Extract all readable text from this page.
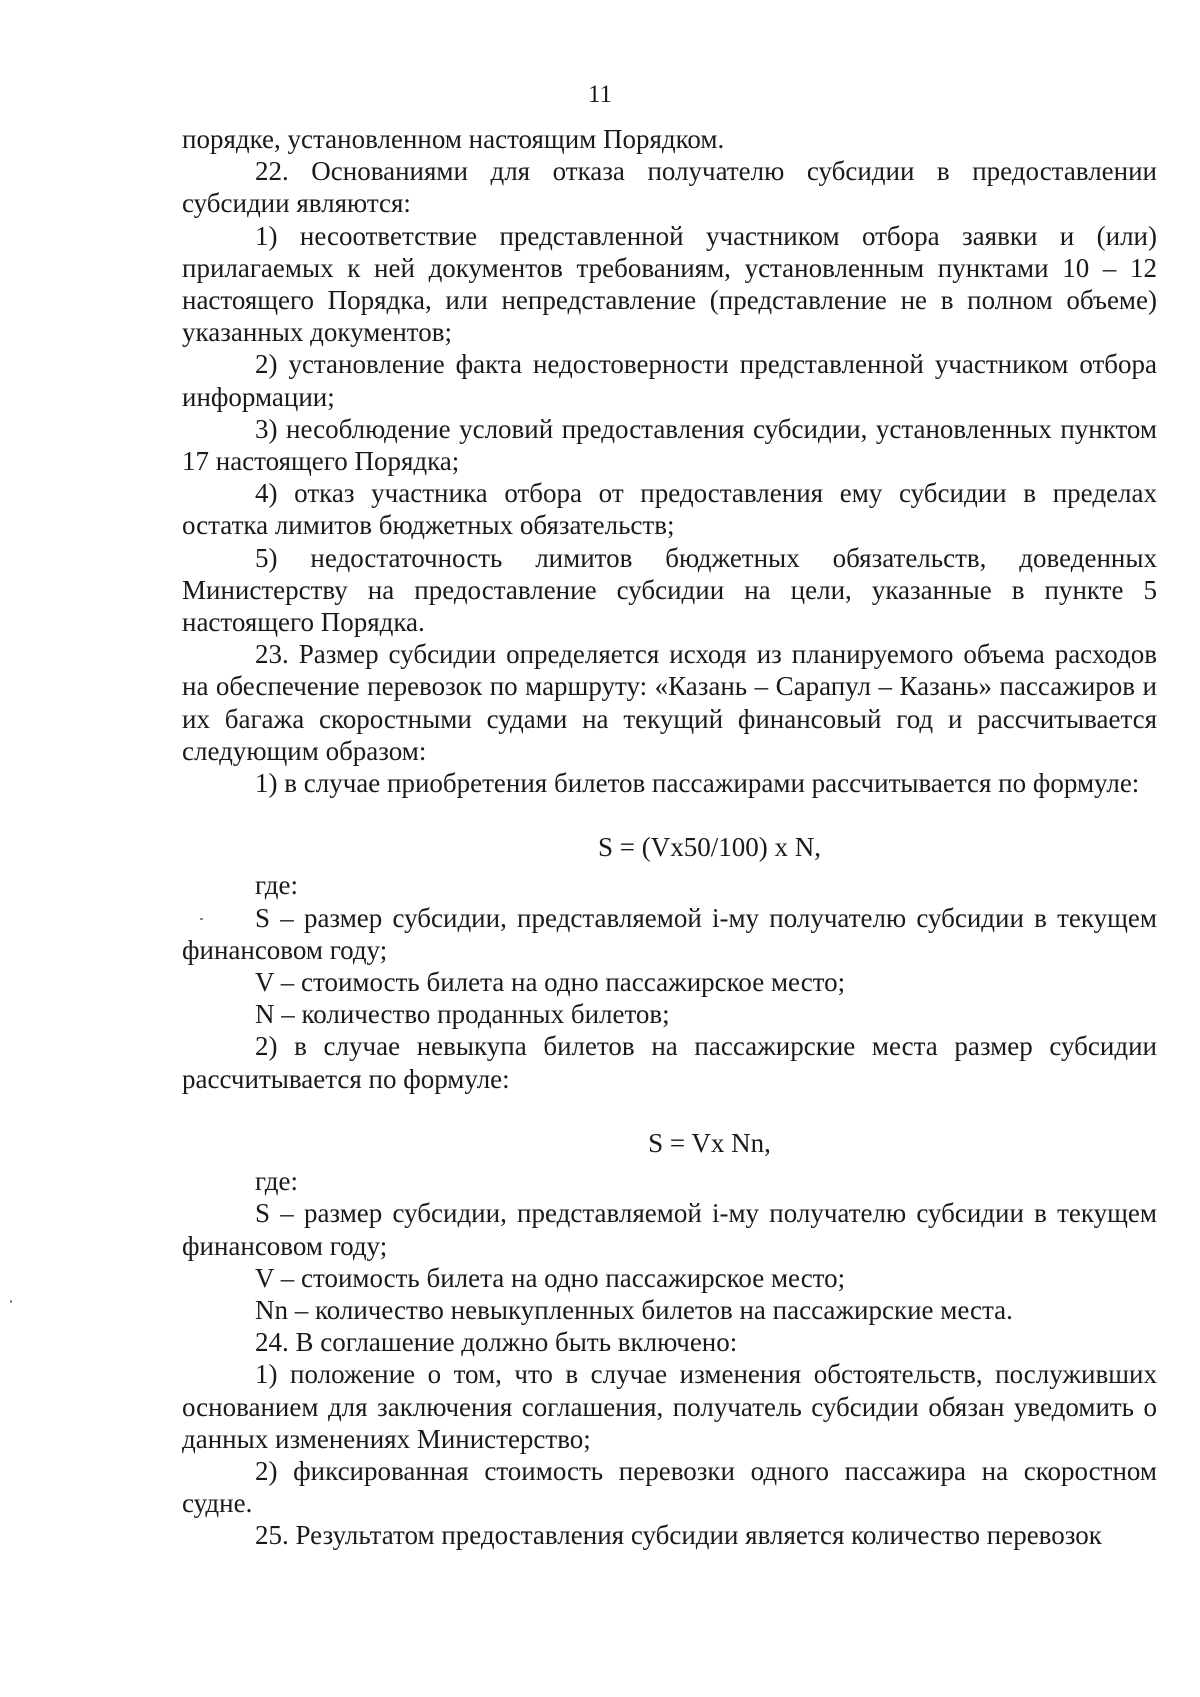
11

порядке, установленном настоящим Порядком.

22. Основаниями для отказа получателю субсидии в предоставлении субсидии являются:

1) несоответствие представленной участником отбора заявки и (или) прилагаемых к ней документов требованиям, установленным пунктами 10 – 12 настоящего Порядка, или непредставление (представление не в полном объеме) указанных документов;

2) установление факта недостоверности представленной участником отбора информации;

3) несоблюдение условий предоставления субсидии, установленных пунктом 17 настоящего Порядка;

4) отказ участника отбора от предоставления ему субсидии в пределах остатка лимитов бюджетных обязательств;

5) недостаточность лимитов бюджетных обязательств, доведенных Министерству на предоставление субсидии на цели, указанные в пункте 5 настоящего Порядка.

23. Размер субсидии определяется исходя из планируемого объема расходов на обеспечение перевозок по маршруту: «Казань – Сарапул – Казань» пассажиров и их багажа скоростными судами на текущий финансовый год и рассчитывается следующим образом:

1) в случае приобретения билетов пассажирами рассчитывается по формуле:

S = (Vx50/100) x N,

где:

S – размер субсидии, представляемой i-му получателю субсидии в текущем финансовом году;

V – стоимость билета на одно пассажирское место;

N – количество проданных билетов;

2) в случае невыкупа билетов на пассажирские места размер субсидии рассчитывается по формуле:

S = Vx Nn,

где:

S – размер субсидии, представляемой i-му получателю субсидии в текущем финансовом году;

V – стоимость билета на одно пассажирское место;

Nn – количество невыкупленных билетов на пассажирские места.

24. В соглашение должно быть включено:

1) положение о том, что в случае изменения обстоятельств, послуживших основанием для заключения соглашения, получатель субсидии обязан уведомить о данных изменениях Министерство;

2) фиксированная стоимость перевозки одного пассажира на скоростном судне.

25. Результатом предоставления субсидии является количество перевозок
